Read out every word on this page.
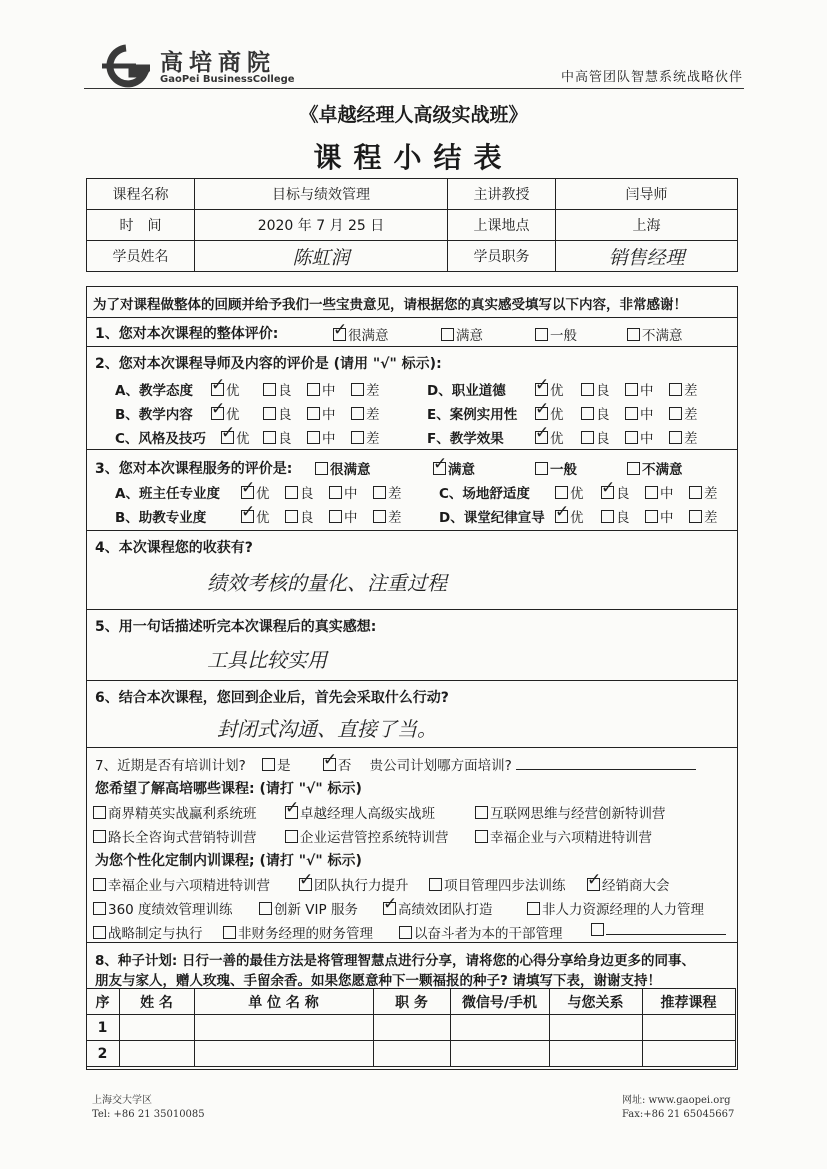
高培商院
GaoPei BusinessCollege	中高管团队智慧系统战略伙伴
《卓越经理人高级实战班》
课程小结表
课程名称	目标与绩效管理	主讲教授	闫导师
时　间	2020 年 7 月 25 日	上课地点	上海
学员姓名	陈虹润	学员职务	销售经理
为了对课程做整体的回顾并给予我们一些宝贵意见，请根据您的真实感受填写以下内容，非常感谢！
1、您对本次课程的整体评价: ✓	很满意	满意	一般	不满意
2、您对本次课程导师及内容的评价是 (请用 "√" 标示):
A、教学态度 ✓	优	良	中	差	D、职业道德 ✓	优	良	中	差
B、教学内容 ✓	优	良	中	差	E、案例实用性 ✓	优	良	中	差
C、风格及技巧 ✓	优	良	中	差	F、教学效果 ✓	优	良	中	差
3、您对本次课程服务的评价是:	很满意 ✓	满意	一般	不满意
A、班主任专业度 ✓	优	良	中	差	C、场地舒适度	优 ✓	良	中	差
B、助教专业度 ✓	优	良	中	差	D、课堂纪律宣导 ✓	优	良	中	差
4、本次课程您的收获有?
绩效考核的量化、注重过程
5、用一句话描述听完本次课程后的真实感想:
工具比较实用
6、结合本次课程，您回到企业后，首先会采取什么行动?
封闭式沟通、直接了当。
7、近期是否有培训计划? 是 ✓	否 贵公司计划哪方面培训?
您希望了解高培哪些课程: (请打 "√" 标示)
商界精英实战赢利系统班 ✓	卓越经理人高级实战班	互联网思维与经营创新特训营
路长全咨询式营销特训营	企业运营管控系统特训营	幸福企业与六项精进特训营
为您个性化定制内训课程; (请打 "√" 标示)
幸福企业与六项精进特训营 ✓	团队执行力提升	项目管理四步法训练 ✓	经销商大会
360 度绩效管理训练	创新 VIP 服务 ✓	高绩效团队打造	非人力资源经理的人力管理
战略制定与执行	非财务经理的财务管理	以奋斗者为本的干部管理
8、种子计划: 日行一善的最佳方法是将管理智慧点进行分享，请将您的心得分享给身边更多的同事、
朋友与家人，赠人玫瑰、手留余香。如果您愿意种下一颗福报的种子? 请填写下表，谢谢支持！
序	姓 名	单 位 名 称	职 务	微信号/手机	与您关系	推荐课程
1						
2						
上海交大学区
Tel: +86 21 35010085
网址: www.gaopei.org
Fax:+86 21 65045667
